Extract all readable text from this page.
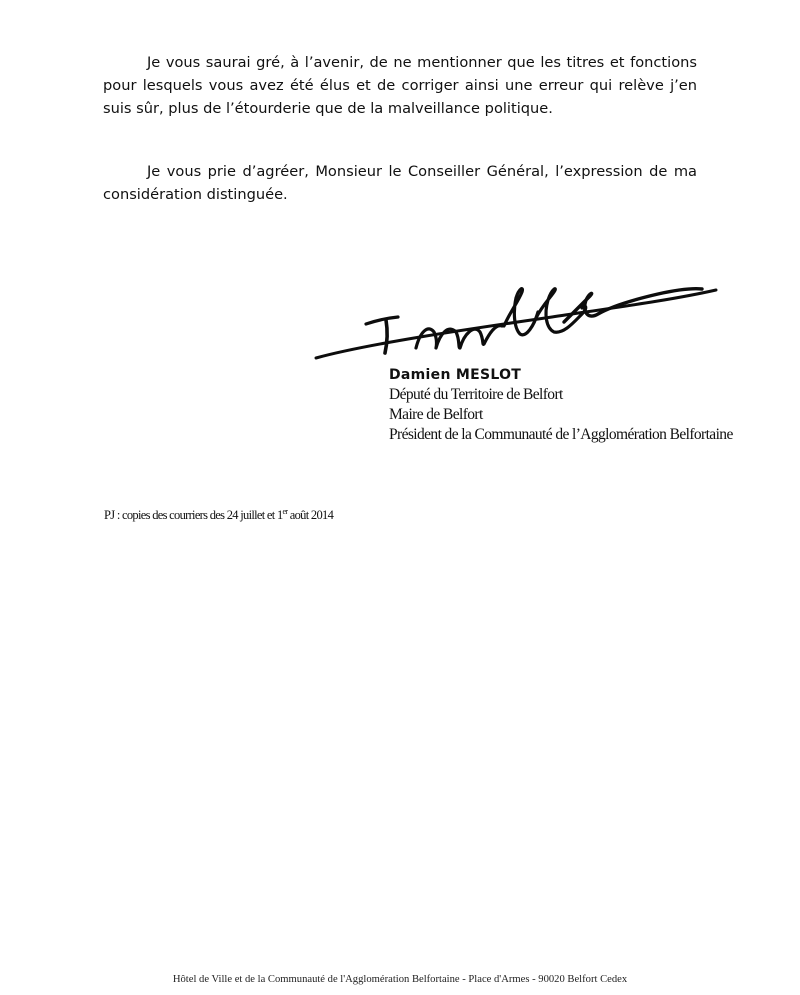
Je vous saurai gré, à l’avenir, de ne mentionner que les titres et fonctions
pour lesquels vous avez été élus et de corriger ainsi une erreur qui relève j’en
suis sûr, plus de l’étourderie que de la malveillance politique.
Je vous prie d’agréer, Monsieur le Conseiller Général, l’expression de ma
considération distinguée.
Damien MESLOT
Député du Territoire de Belfort
Maire de Belfort
Président de la Communauté de l’Agglomération Belfortaine
PJ : copies des courriers des 24 juillet et 1er août 2014
Hôtel de Ville et de la Communauté de l'Agglomération Belfortaine - Place d'Armes - 90020 Belfort Cedex
